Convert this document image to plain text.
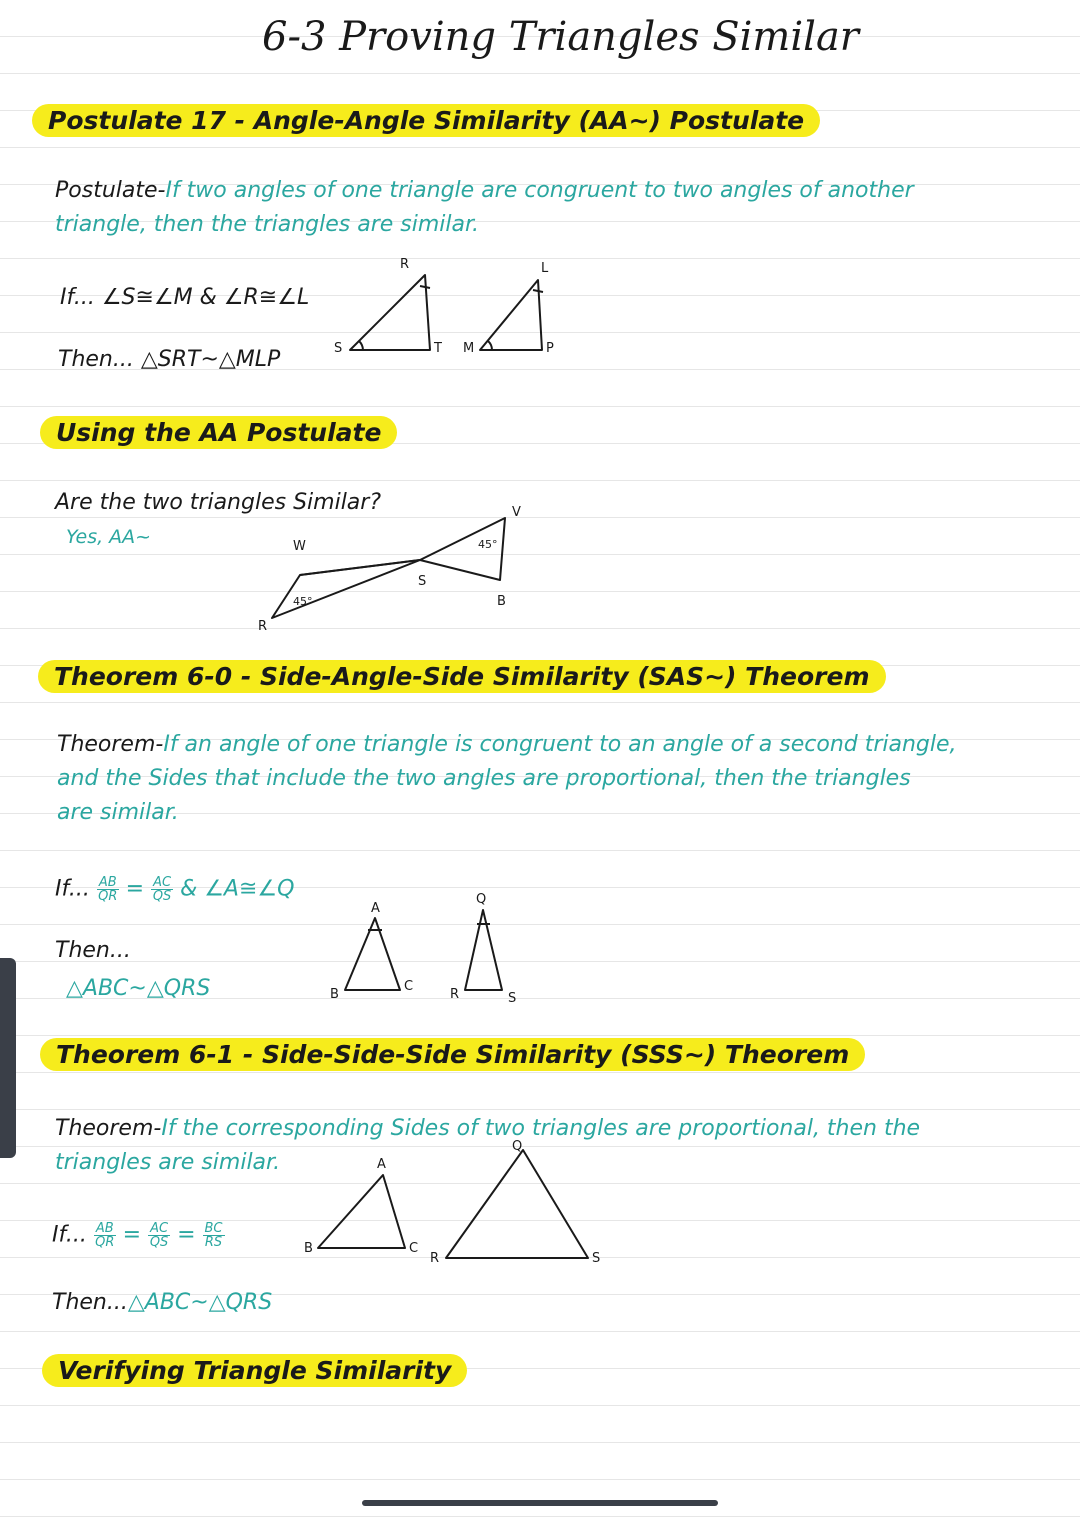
6-3 Proving Triangles Similar
Postulate 17 - Angle-Angle Similarity (AA~) Postulate
Postulate-If two angles of one triangle are congruent to two angles of another
triangle, then the triangles are similar.
If... ∠S≅∠M & ∠R≅∠L
Then... △SRT~△MLP
Using the AA Postulate
Are the two triangles Similar?
Yes, AA~
Theorem 6-0 - Side-Angle-Side Similarity (SAS~) Theorem
Theorem-If an angle of one triangle is congruent to an angle of a second triangle,
and the Sides that include the two angles are proportional, then the triangles
are similar.
If... $\frac{AB}{QR} = \frac{AC}{QS}$ & ∠A≅∠Q
Then...
△ABC~△QRS
Theorem 6-1 - Side-Side-Side Similarity (SSS~) Theorem
Theorem-If the corresponding Sides of two triangles are proportional, then the
triangles are similar.
If... $\frac{AB}{QR} = \frac{AC}{QS} = \frac{BC}{RS}$
Then...△ABC~△QRS
Verifying Triangle Similarity
R
S	T
L
M	P
W
V
S
R
B
45°
45°
A
B
C
Q
R	S
A
B	C
Q
R	S
